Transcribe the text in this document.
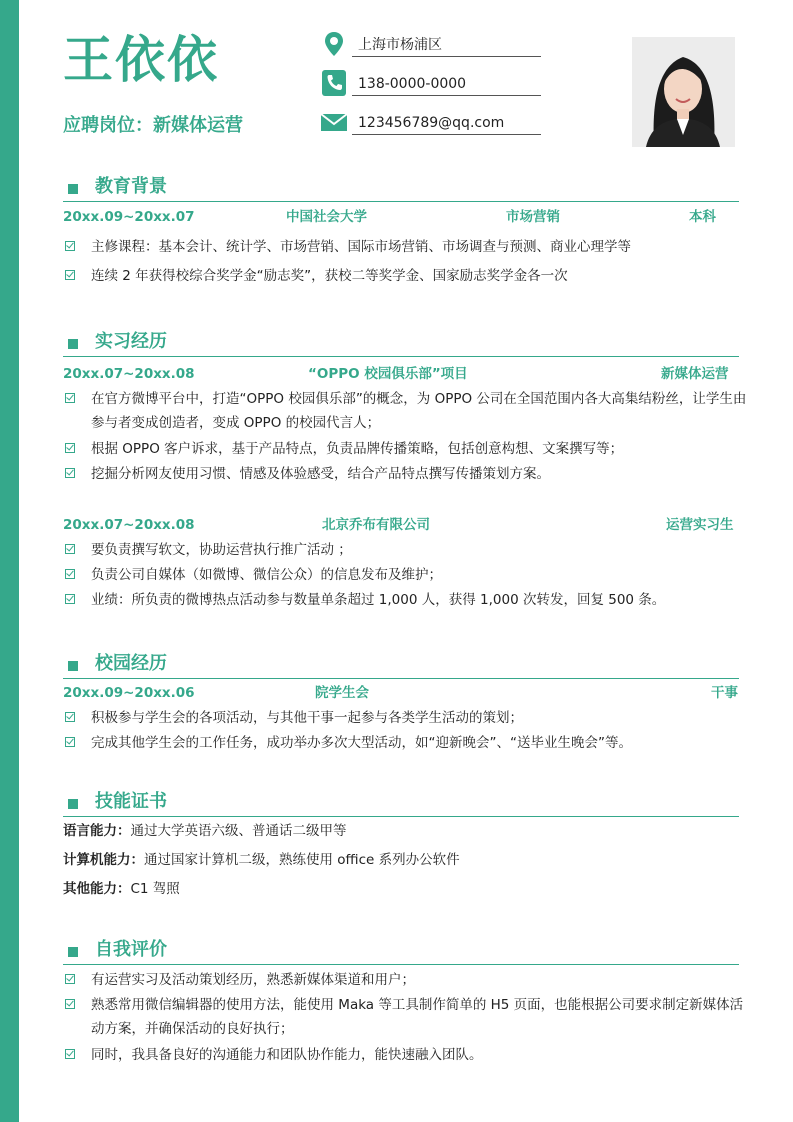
王依依
应聘岗位：新媒体运营
上海市杨浦区
138-0000-0000
123456789@qq.com
教育背景
20xx.09~20xx.07	中国社会大学	市场营销	本科
主修课程：基本会计、统计学、市场营销、国际市场营销、市场调查与预测、商业心理学等
连续 2 年获得校综合奖学金“励志奖”，获校二等奖学金、国家励志奖学金各一次
实习经历
20xx.07~20xx.08	“OPPO 校园俱乐部”项目	新媒体运营
在官方微博平台中，打造“OPPO 校园俱乐部”的概念，为 OPPO 公司在全国范围内各大高集结粉丝，让学生由参与者变成创造者，变成 OPPO 的校园代言人；
根据 OPPO 客户诉求，基于产品特点，负责品牌传播策略，包括创意构想、文案撰写等；
挖掘分析网友使用习惯、情感及体验感受，结合产品特点撰写传播策划方案。
20xx.07~20xx.08	北京乔布有限公司	运营实习生
要负责撰写软文，协助运营执行推广活动 ；
负责公司自媒体（如微博、微信公众）的信息发布及维护；
业绩：所负责的微博热点活动参与数量单条超过 1,000 人，获得 1,000 次转发，回复 500 条。
校园经历
20xx.09~20xx.06	院学生会	干事
积极参与学生会的各项活动，与其他干事一起参与各类学生活动的策划；
完成其他学生会的工作任务，成功举办多次大型活动，如“迎新晚会”、“送毕业生晚会”等。
技能证书
语言能力：通过大学英语六级、普通话二级甲等
计算机能力：通过国家计算机二级，熟练使用 office 系列办公软件
其他能力：C1 驾照
自我评价
有运营实习及活动策划经历，熟悉新媒体渠道和用户；
熟悉常用微信编辑器的使用方法，能使用 Maka 等工具制作简单的 H5 页面，也能根据公司要求制定新媒体活动方案，并确保活动的良好执行；
同时，我具备良好的沟通能力和团队协作能力，能快速融入团队。
